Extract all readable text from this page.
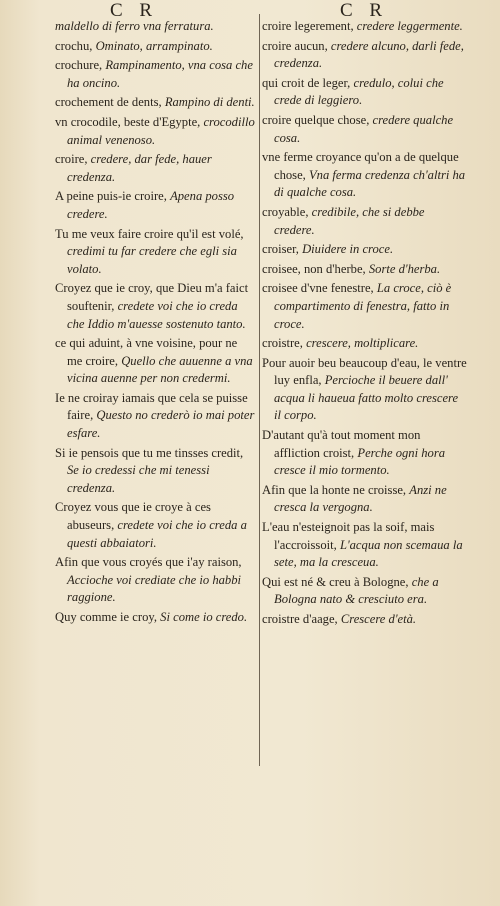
C R	C R
maldello di ferro vna ferratura.
crochu, Ominato, arrampinato.
crochure, Rampinamento, vna cosa che ha oncino.
crochement de dents, Rampino di denti.
vn crocodile, beste d'Egypte, crocodillo animal venenoso.
croire, credere, dar fede, hauer credenza.
A peine puis-ie croire, Apena posso credere.
Tu me veux faire croire qu'il est volé, credimi tu far credere che egli sia volato.
Croyez que ie croy, que Dieu m'a faict souftenir, credete voi che io creda che Iddio m'auesse sostenuto tanto.
ce qui aduint, à vne voisine, pour ne me croire, Quello che auuenne a vna vicina auenne per non credermi.
Ie ne croiray iamais que cela se puisse faire, Questo no crederò io mai poter esfare.
Si ie pensois que tu me tinsses credit, Se io credessi che mi tenessi credenza.
Croyez vous que ie croye à ces abuseurs, credete voi che io creda a questi abbaiatori.
Afin que vous croyés que i'ay raison, Accioche voi crediate che io habbi raggione.
Quy comme ie croy, Si come io credo.
croire legerement, credere leggermente.
croire aucun, credere alcuno, darli fede, credenza.
qui croit de leger, credulo, colui che crede di leggiero.
croire quelque chose, credere qualche cosa.
vne ferme croyance qu'on a de quelque chose, Vna ferma credenza ch'altri ha di qualche cosa.
croyable, credibile, che si debbe credere.
croiser, Diuidere in croce.
croisee, non d'herbe, Sorte d'herba.
croisee d'vne fenestre, La croce, ciò è compartimento di fenestra, fatto in croce.
croistre, crescere, moltiplicare.
Pour auoir beu beaucoup d'eau, le ventre luy enfla, Percioche il beuere dall' acqua li haueua fatto molto crescere il corpo.
D'autant qu'à tout moment mon affliction croist, Perche ogni hora cresce il mio tormento.
Afin que la honte ne croisse, Anzi ne cresca la vergogna.
L'eau n'esteignoit pas la soif, mais l'accroissoit, L'acqua non scemaua la sete, ma la cresceua.
Qui est né & creu à Bologne, che a Bologna nato & cresciuto era.
croistre d'aage, Crescere d'età.
